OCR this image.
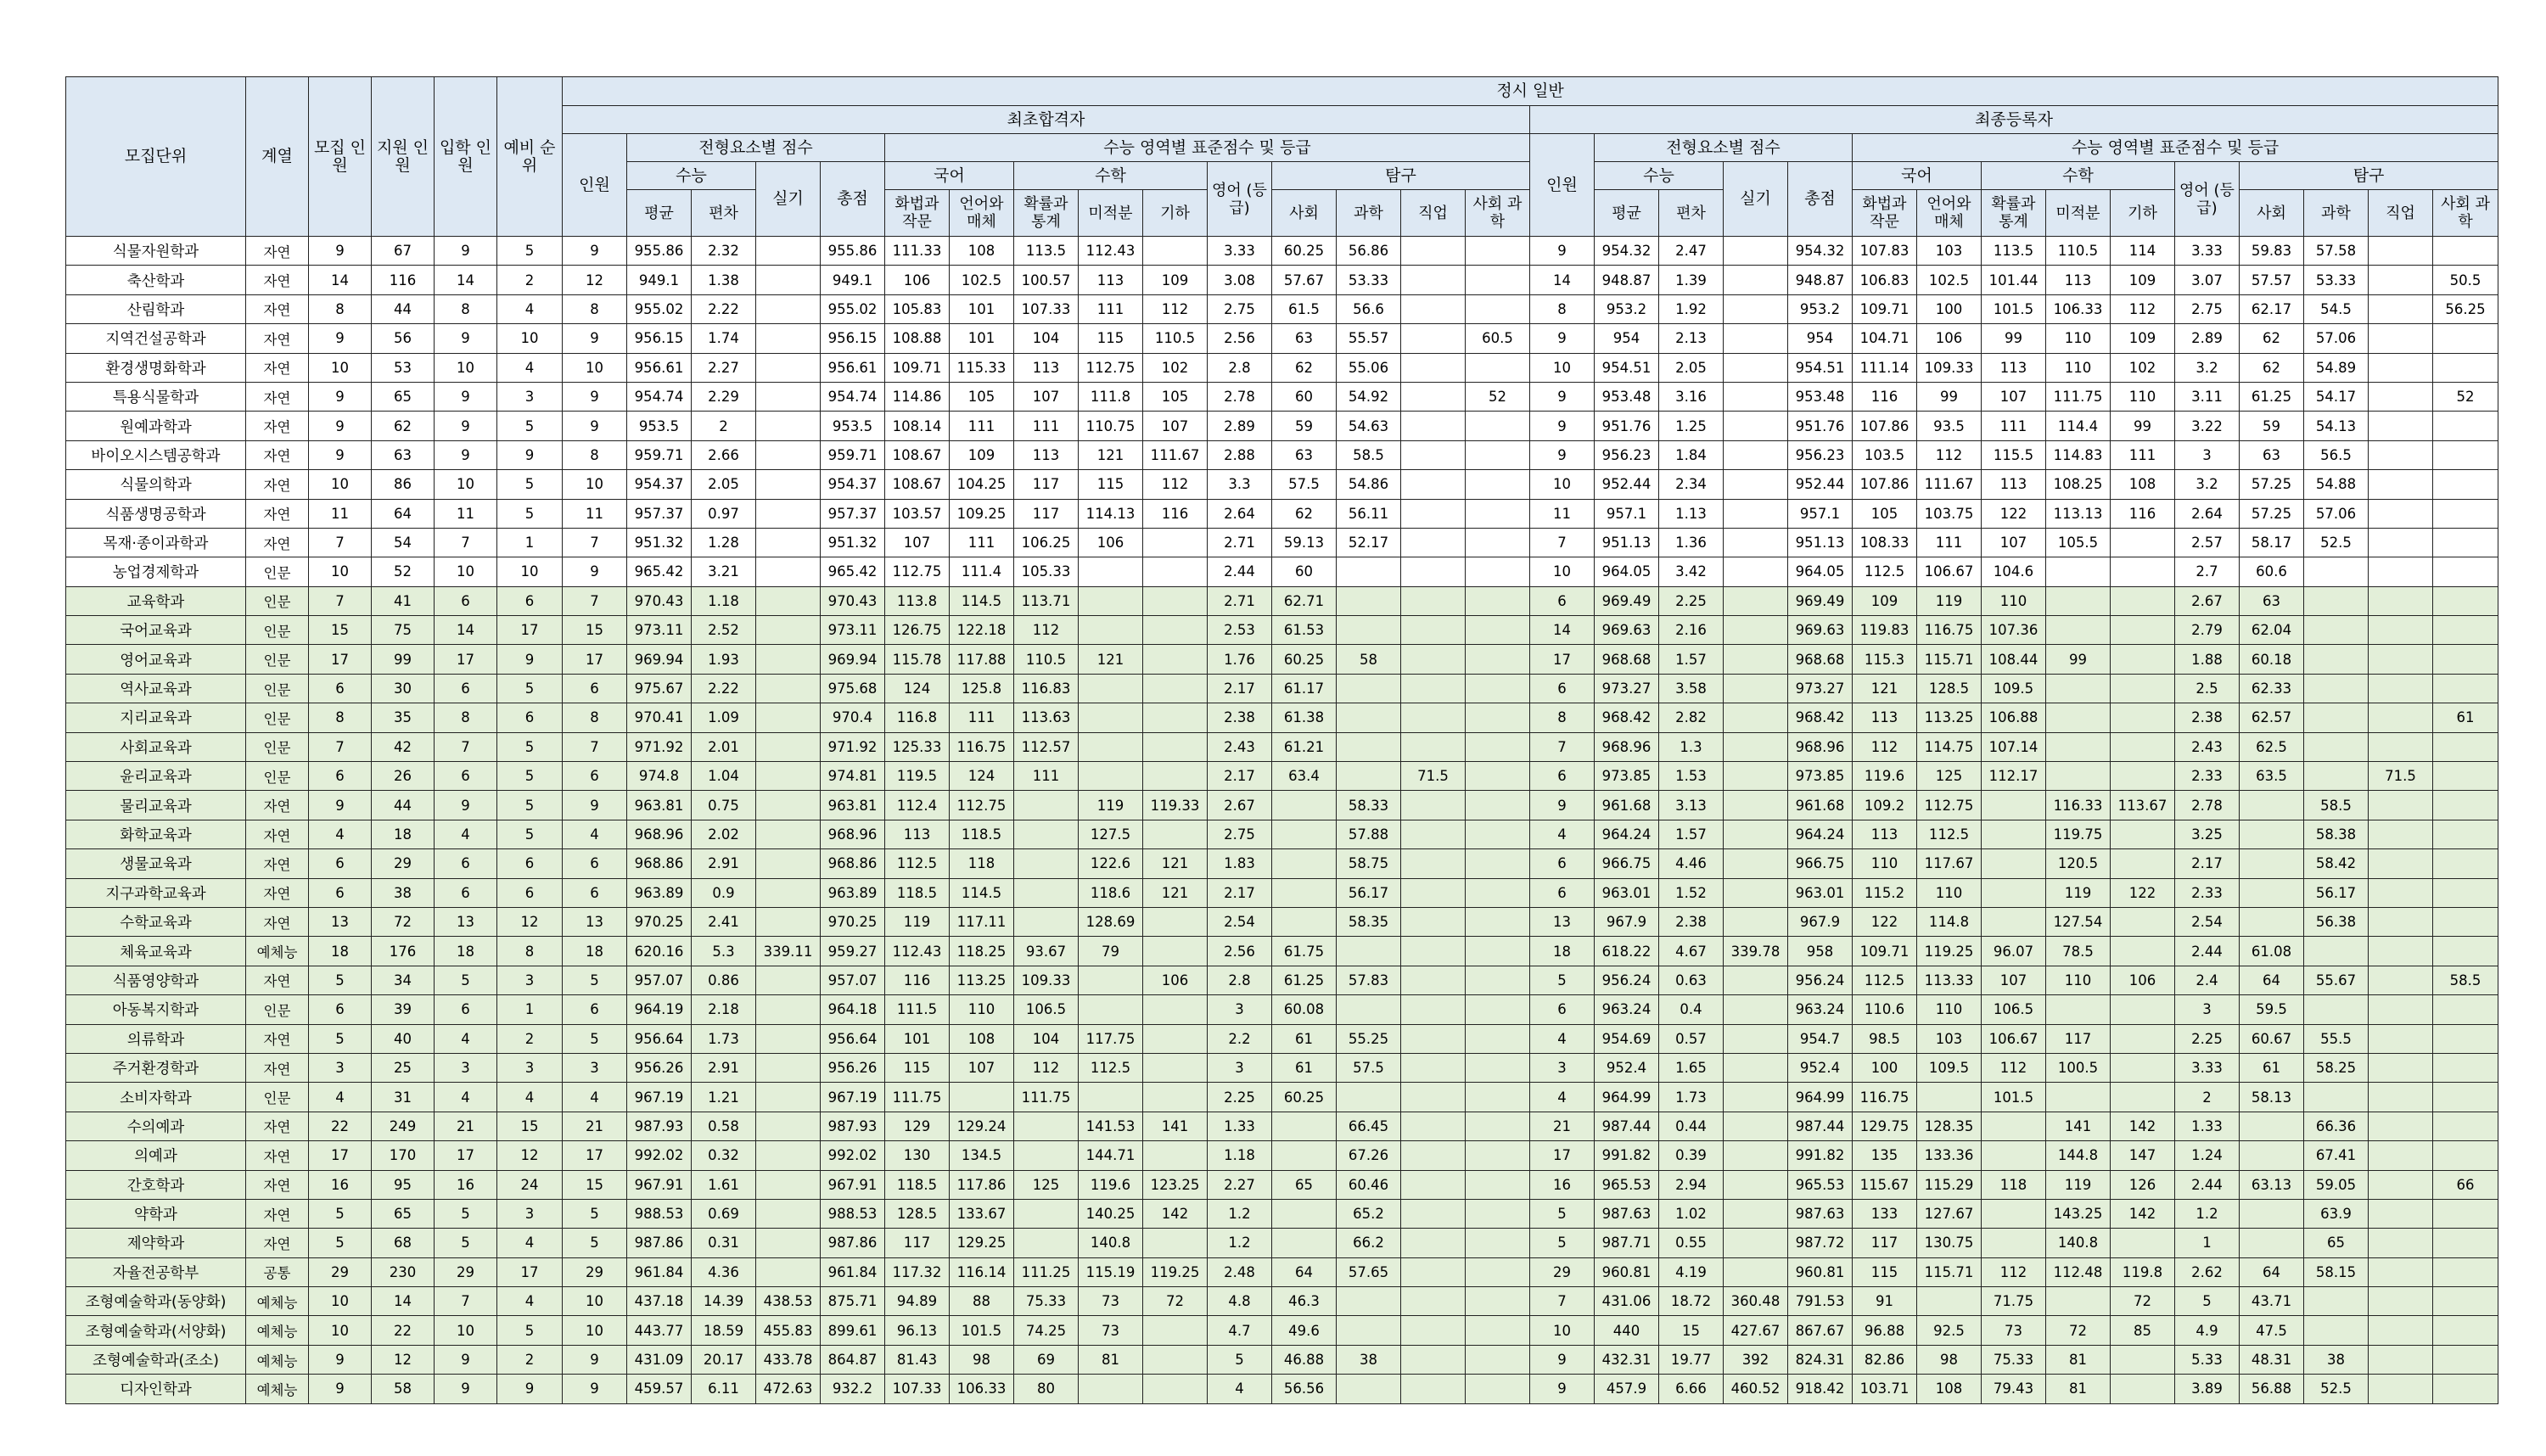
모집단위	계열	모집 인원	지원 인원	입학 인원	예비 순위	정시 일반																													
						최초합격자															최종등록자														
						인원	전형요소별 점수				수능 영역별 표준점수 및 등급										인원	전형요소별 점수				수능 영역별 표준점수 및 등급									
							수능		실기	총점	국어		수학			영어 (등급)	탐구					수능		실기	총점	국어		수학			영어 (등급)	탐구			
							평균	편차			화법과 작문	언어와 매체	확률과 통계	미적분	기하		사회	과학	직업	사회 과학		평균	편차			화법과 작문	언어와 매체	확률과 통계	미적분	기하		사회	과학	직업	사회 과학
식물자원학과	자연	9	67	9	5	9	955.86	2.32		955.86	111.33	108	113.5	112.43		3.33	60.25	56.86			9	954.32	2.47		954.32	107.83	103	113.5	110.5	114	3.33	59.83	57.58		
축산학과	자연	14	116	14	2	12	949.1	1.38		949.1	106	102.5	100.57	113	109	3.08	57.67	53.33			14	948.87	1.39		948.87	106.83	102.5	101.44	113	109	3.07	57.57	53.33		50.5
산림학과	자연	8	44	8	4	8	955.02	2.22		955.02	105.83	101	107.33	111	112	2.75	61.5	56.6			8	953.2	1.92		953.2	109.71	100	101.5	106.33	112	2.75	62.17	54.5		56.25
지역건설공학과	자연	9	56	9	10	9	956.15	1.74		956.15	108.88	101	104	115	110.5	2.56	63	55.57		60.5	9	954	2.13		954	104.71	106	99	110	109	2.89	62	57.06		
환경생명화학과	자연	10	53	10	4	10	956.61	2.27		956.61	109.71	115.33	113	112.75	102	2.8	62	55.06			10	954.51	2.05		954.51	111.14	109.33	113	110	102	3.2	62	54.89		
특용식물학과	자연	9	65	9	3	9	954.74	2.29		954.74	114.86	105	107	111.8	105	2.78	60	54.92		52	9	953.48	3.16		953.48	116	99	107	111.75	110	3.11	61.25	54.17		52
원예과학과	자연	9	62	9	5	9	953.5	2		953.5	108.14	111	111	110.75	107	2.89	59	54.63			9	951.76	1.25		951.76	107.86	93.5	111	114.4	99	3.22	59	54.13		
바이오시스템공학과	자연	9	63	9	9	8	959.71	2.66		959.71	108.67	109	113	121	111.67	2.88	63	58.5			9	956.23	1.84		956.23	103.5	112	115.5	114.83	111	3	63	56.5		
식물의학과	자연	10	86	10	5	10	954.37	2.05		954.37	108.67	104.25	117	115	112	3.3	57.5	54.86			10	952.44	2.34		952.44	107.86	111.67	113	108.25	108	3.2	57.25	54.88		
식품생명공학과	자연	11	64	11	5	11	957.37	0.97		957.37	103.57	109.25	117	114.13	116	2.64	62	56.11			11	957.1	1.13		957.1	105	103.75	122	113.13	116	2.64	57.25	57.06		
목재·종이과학과	자연	7	54	7	1	7	951.32	1.28		951.32	107	111	106.25	106		2.71	59.13	52.17			7	951.13	1.36		951.13	108.33	111	107	105.5		2.57	58.17	52.5		
농업경제학과	인문	10	52	10	10	9	965.42	3.21		965.42	112.75	111.4	105.33			2.44	60				10	964.05	3.42		964.05	112.5	106.67	104.6			2.7	60.6			
교육학과	인문	7	41	6	6	7	970.43	1.18		970.43	113.8	114.5	113.71			2.71	62.71				6	969.49	2.25		969.49	109	119	110			2.67	63			
국어교육과	인문	15	75	14	17	15	973.11	2.52		973.11	126.75	122.18	112			2.53	61.53				14	969.63	2.16		969.63	119.83	116.75	107.36			2.79	62.04			
영어교육과	인문	17	99	17	9	17	969.94	1.93		969.94	115.78	117.88	110.5	121		1.76	60.25	58			17	968.68	1.57		968.68	115.3	115.71	108.44	99		1.88	60.18			
역사교육과	인문	6	30	6	5	6	975.67	2.22		975.68	124	125.8	116.83			2.17	61.17				6	973.27	3.58		973.27	121	128.5	109.5			2.5	62.33			
지리교육과	인문	8	35	8	6	8	970.41	1.09		970.4	116.8	111	113.63			2.38	61.38				8	968.42	2.82		968.42	113	113.25	106.88			2.38	62.57			61
사회교육과	인문	7	42	7	5	7	971.92	2.01		971.92	125.33	116.75	112.57			2.43	61.21				7	968.96	1.3		968.96	112	114.75	107.14			2.43	62.5			
윤리교육과	인문	6	26	6	5	6	974.8	1.04		974.81	119.5	124	111			2.17	63.4		71.5		6	973.85	1.53		973.85	119.6	125	112.17			2.33	63.5		71.5	
물리교육과	자연	9	44	9	5	9	963.81	0.75		963.81	112.4	112.75		119	119.33	2.67		58.33			9	961.68	3.13		961.68	109.2	112.75		116.33	113.67	2.78		58.5		
화학교육과	자연	4	18	4	5	4	968.96	2.02		968.96	113	118.5		127.5		2.75		57.88			4	964.24	1.57		964.24	113	112.5		119.75		3.25		58.38		
생물교육과	자연	6	29	6	6	6	968.86	2.91		968.86	112.5	118		122.6	121	1.83		58.75			6	966.75	4.46		966.75	110	117.67		120.5		2.17		58.42		
지구과학교육과	자연	6	38	6	6	6	963.89	0.9		963.89	118.5	114.5		118.6	121	2.17		56.17			6	963.01	1.52		963.01	115.2	110		119	122	2.33		56.17		
수학교육과	자연	13	72	13	12	13	970.25	2.41		970.25	119	117.11		128.69		2.54		58.35			13	967.9	2.38		967.9	122	114.8		127.54		2.54		56.38		
체육교육과	예체능	18	176	18	8	18	620.16	5.3	339.11	959.27	112.43	118.25	93.67	79		2.56	61.75				18	618.22	4.67	339.78	958	109.71	119.25	96.07	78.5		2.44	61.08			
식품영양학과	자연	5	34	5	3	5	957.07	0.86		957.07	116	113.25	109.33		106	2.8	61.25	57.83			5	956.24	0.63		956.24	112.5	113.33	107	110	106	2.4	64	55.67		58.5
아동복지학과	인문	6	39	6	1	6	964.19	2.18		964.18	111.5	110	106.5			3	60.08				6	963.24	0.4		963.24	110.6	110	106.5			3	59.5			
의류학과	자연	5	40	4	2	5	956.64	1.73		956.64	101	108	104	117.75		2.2	61	55.25			4	954.69	0.57		954.7	98.5	103	106.67	117		2.25	60.67	55.5		
주거환경학과	자연	3	25	3	3	3	956.26	2.91		956.26	115	107	112	112.5		3	61	57.5			3	952.4	1.65		952.4	100	109.5	112	100.5		3.33	61	58.25		
소비자학과	인문	4	31	4	4	4	967.19	1.21		967.19	111.75		111.75			2.25	60.25				4	964.99	1.73		964.99	116.75		101.5			2	58.13			
수의예과	자연	22	249	21	15	21	987.93	0.58		987.93	129	129.24		141.53	141	1.33		66.45			21	987.44	0.44		987.44	129.75	128.35		141	142	1.33		66.36		
의예과	자연	17	170	17	12	17	992.02	0.32		992.02	130	134.5		144.71		1.18		67.26			17	991.82	0.39		991.82	135	133.36		144.8	147	1.24		67.41		
간호학과	자연	16	95	16	24	15	967.91	1.61		967.91	118.5	117.86	125	119.6	123.25	2.27	65	60.46			16	965.53	2.94		965.53	115.67	115.29	118	119	126	2.44	63.13	59.05		66
약학과	자연	5	65	5	3	5	988.53	0.69		988.53	128.5	133.67		140.25	142	1.2		65.2			5	987.63	1.02		987.63	133	127.67		143.25	142	1.2		63.9		
제약학과	자연	5	68	5	4	5	987.86	0.31		987.86	117	129.25		140.8		1.2		66.2			5	987.71	0.55		987.72	117	130.75		140.8		1		65		
자율전공학부	공통	29	230	29	17	29	961.84	4.36		961.84	117.32	116.14	111.25	115.19	119.25	2.48	64	57.65			29	960.81	4.19		960.81	115	115.71	112	112.48	119.8	2.62	64	58.15		
조형예술학과(동양화)	예체능	10	14	7	4	10	437.18	14.39	438.53	875.71	94.89	88	75.33	73	72	4.8	46.3				7	431.06	18.72	360.48	791.53	91		71.75		72	5	43.71			
조형예술학과(서양화)	예체능	10	22	10	5	10	443.77	18.59	455.83	899.61	96.13	101.5	74.25	73		4.7	49.6				10	440	15	427.67	867.67	96.88	92.5	73	72	85	4.9	47.5			
조형예술학과(조소)	예체능	9	12	9	2	9	431.09	20.17	433.78	864.87	81.43	98	69	81		5	46.88	38			9	432.31	19.77	392	824.31	82.86	98	75.33	81		5.33	48.31	38		
디자인학과	예체능	9	58	9	9	9	459.57	6.11	472.63	932.2	107.33	106.33	80			4	56.56				9	457.9	6.66	460.52	918.42	103.71	108	79.43	81		3.89	56.88	52.5		
